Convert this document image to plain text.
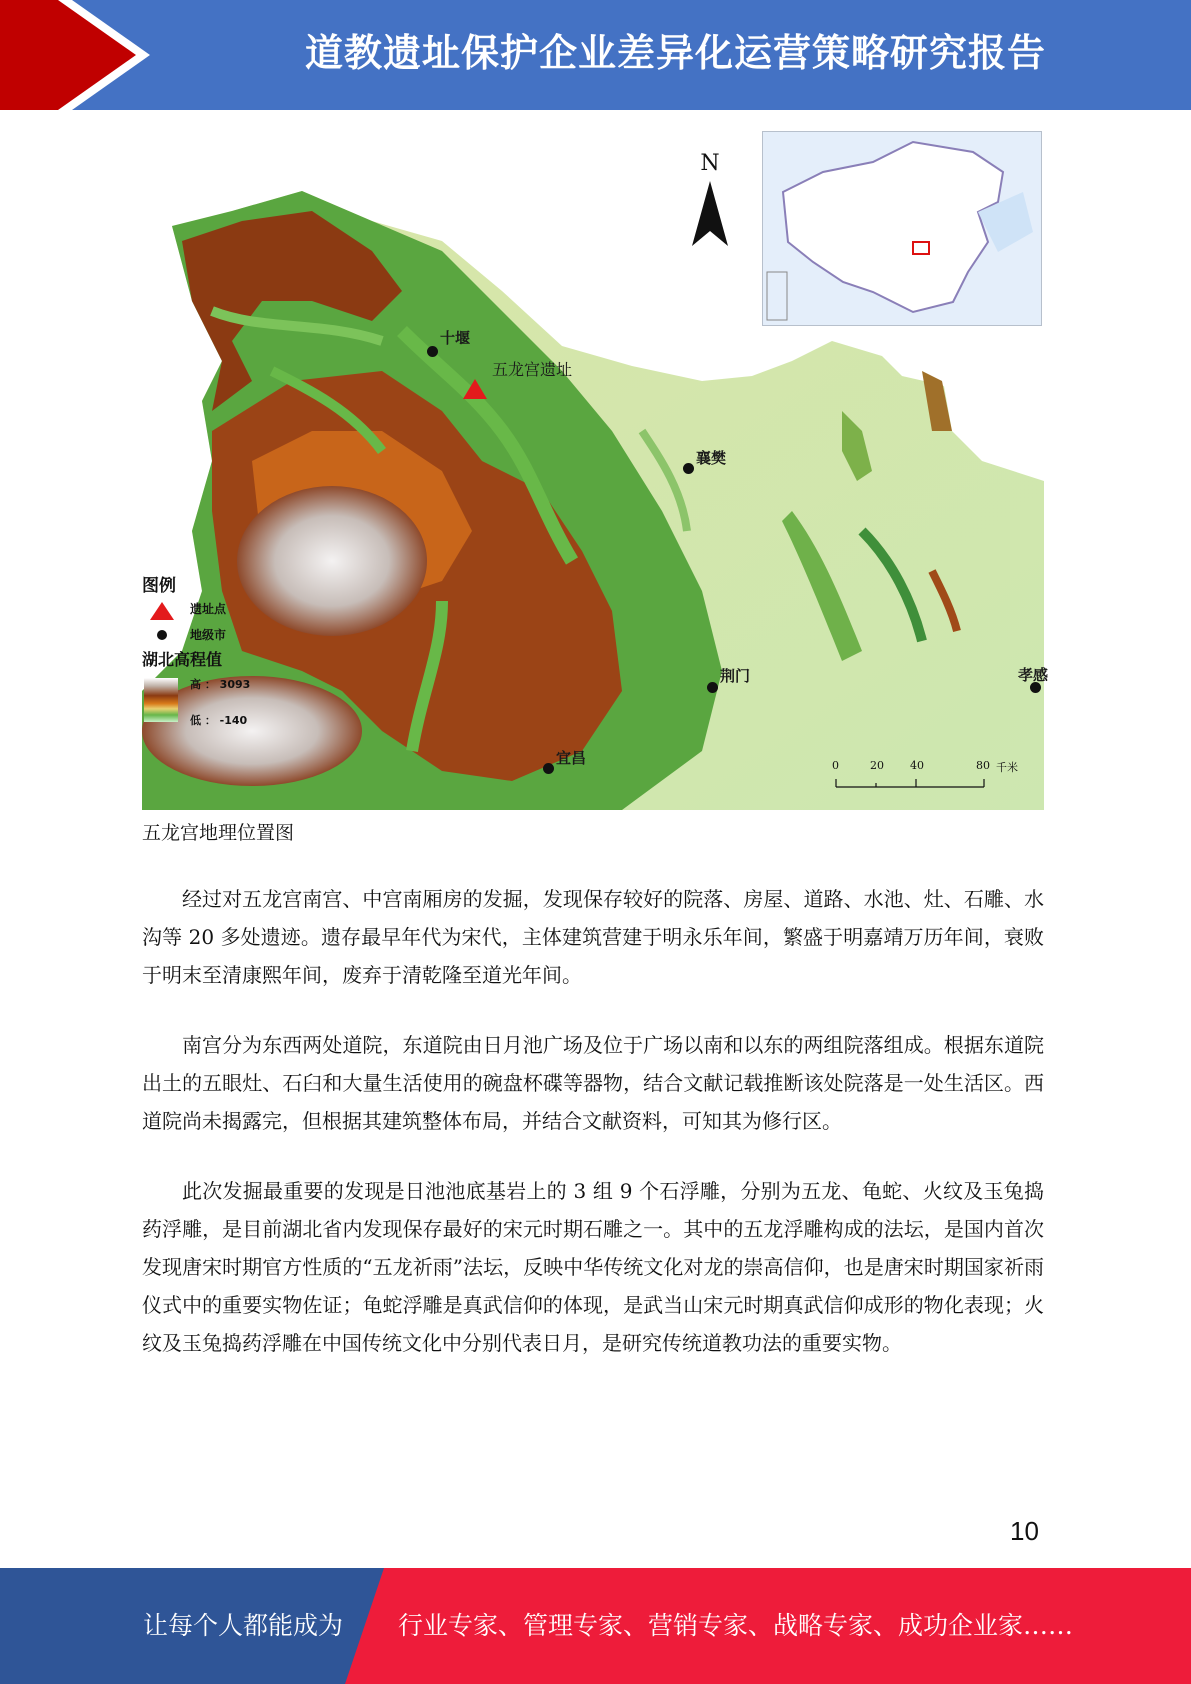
道教遗址保护企业差异化运营策略研究报告
N
十堰
五龙宫遗址
襄樊
荆门
宜昌
孝感
图例
遗址点
地级市
湖北高程值
高 ： 3093
低 ： -140
0	20 40	80 千米
五龙宫地理位置图

经过对五龙宫南宫、中宫南厢房的发掘，发现保存较好的院落、房屋、道路、水池、灶、石雕、水沟等 20 多处遗迹。遗存最早年代为宋代，主体建筑营建于明永乐年间，繁盛于明嘉靖万历年间，衰败于明末至清康熙年间，废弃于清乾隆至道光年间。

南宫分为东西两处道院，东道院由日月池广场及位于广场以南和以东的两组院落组成。根据东道院出土的五眼灶、石臼和大量生活使用的碗盘杯碟等器物，结合文献记载推断该处院落是一处生活区。西道院尚未揭露完，但根据其建筑整体布局，并结合文献资料，可知其为修行区。

此次发掘最重要的发现是日池池底基岩上的 3 组 9 个石浮雕，分别为五龙、龟蛇、火纹及玉兔捣药浮雕，是目前湖北省内发现保存最好的宋元时期石雕之一。其中的五龙浮雕构成的法坛，是国内首次发现唐宋时期官方性质的“五龙祈雨”法坛，反映中华传统文化对龙的崇高信仰，也是唐宋时期国家祈雨仪式中的重要实物佐证；龟蛇浮雕是真武信仰的体现，是武当山宋元时期真武信仰成形的物化表现；火纹及玉兔捣药浮雕在中国传统文化中分别代表日月，是研究传统道教功法的重要实物。

10
让每个人都能成为 行业专家、管理专家、营销专家、战略专家、成功企业家……
